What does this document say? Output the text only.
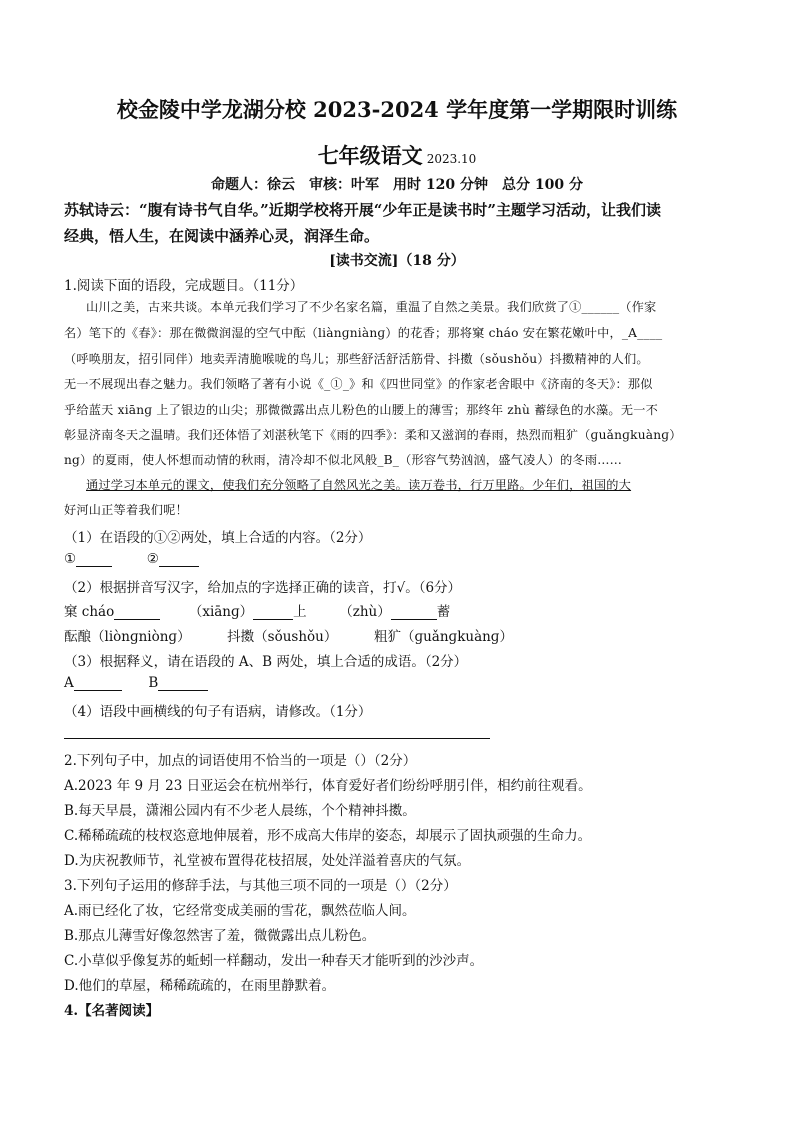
校金陵中学龙湖分校 2023-2024 学年度第一学期限时训练
七年级语文 2023.10
命题人：徐云　审核：叶军　用时 120 分钟　总分 100 分
苏轼诗云：“腹有诗书气自华。”近期学校将开展“少年正是读书时”主题学习活动，让我们读
经典，悟人生，在阅读中涵养心灵，润泽生命。
[读书交流]（18 分）
1.阅读下面的语段，完成题目。（11分）
山川之美，古来共谈。本单元我们学习了不少名家名篇，重温了自然之美景。我们欣赏了①______（作家
名）笔下的《春》：那在微微润湿的空气中酝（liànɡniànɡ）的花香；那将窠 cháo 安在繁花嫩叶中，_A____
（呼唤朋友，招引同伴）地卖弄清脆喉咙的鸟儿；那些舒活舒活筋骨、抖擞（sǒushǒu）抖擞精神的人们。
无一不展现出春之魅力。我们领略了著有小说《_①_》和《四世同堂》的作家老舍眼中《济南的冬天》：那似
乎给蓝天 xiānɡ 上了银边的山尖；那微微露出点儿粉色的山腰上的薄雪；那终年 zhù 蓄绿色的水藻。无一不
彰显济南冬天之温晴。我们还体悟了刘湛秋笔下《雨的四季》：柔和又滋润的春雨，热烈而粗犷（ɡuǎnɡkuànɡ）
ng）的夏雨，使人怀想而动情的秋雨，清冷却不似北风般_B_（形容气势汹汹，盛气凌人）的冬雨……
通过学习本单元的课文，使我们充分领略了自然风光之美。读万卷书，行万里路。少年们，祖国的大
好河山正等着我们呢！
（1）在语段的①②两处，填上合适的内容。（2分）
①	②
（2）根据拼音写汉字，给加点的字选择正确的读音，打√。（6分）
窠 cháo	（xiānɡ）	上 （zhù）	蓄
酝酿（liònɡniònɡ）	抖擞（sǒushǒu）	粗犷（ɡuǎnɡkuànɡ）
（3）根据释义，请在语段的 A、B 两处，填上合适的成语。（2分）
A	B
（4）语段中画横线的句子有语病，请修改。（1分）
2.下列句子中，加点的词语使用不恰当的一项是（）（2分）
A.2023 年 9 月 23 日亚运会在杭州举行，体育爱好者们纷纷呼朋引伴，相约前往观看。
B.每天早晨，潇湘公园内有不少老人晨练，个个精神抖擞。
C.稀稀疏疏的枝杈恣意地伸展着，形不成高大伟岸的姿态，却展示了固执顽强的生命力。
D.为庆祝教师节，礼堂被布置得花枝招展，处处洋溢着喜庆的气氛。
3.下列句子运用的修辞手法，与其他三项不同的一项是（）（2分）
A.雨已经化了妆，它经常变成美丽的雪花，飘然莅临人间。
B.那点儿薄雪好像忽然害了羞，微微露出点儿粉色。
C.小草似乎像复苏的蚯蚓一样翻动，发出一种春天才能听到的沙沙声。
D.他们的草屋，稀稀疏疏的，在雨里静默着。
4.【名著阅读】
